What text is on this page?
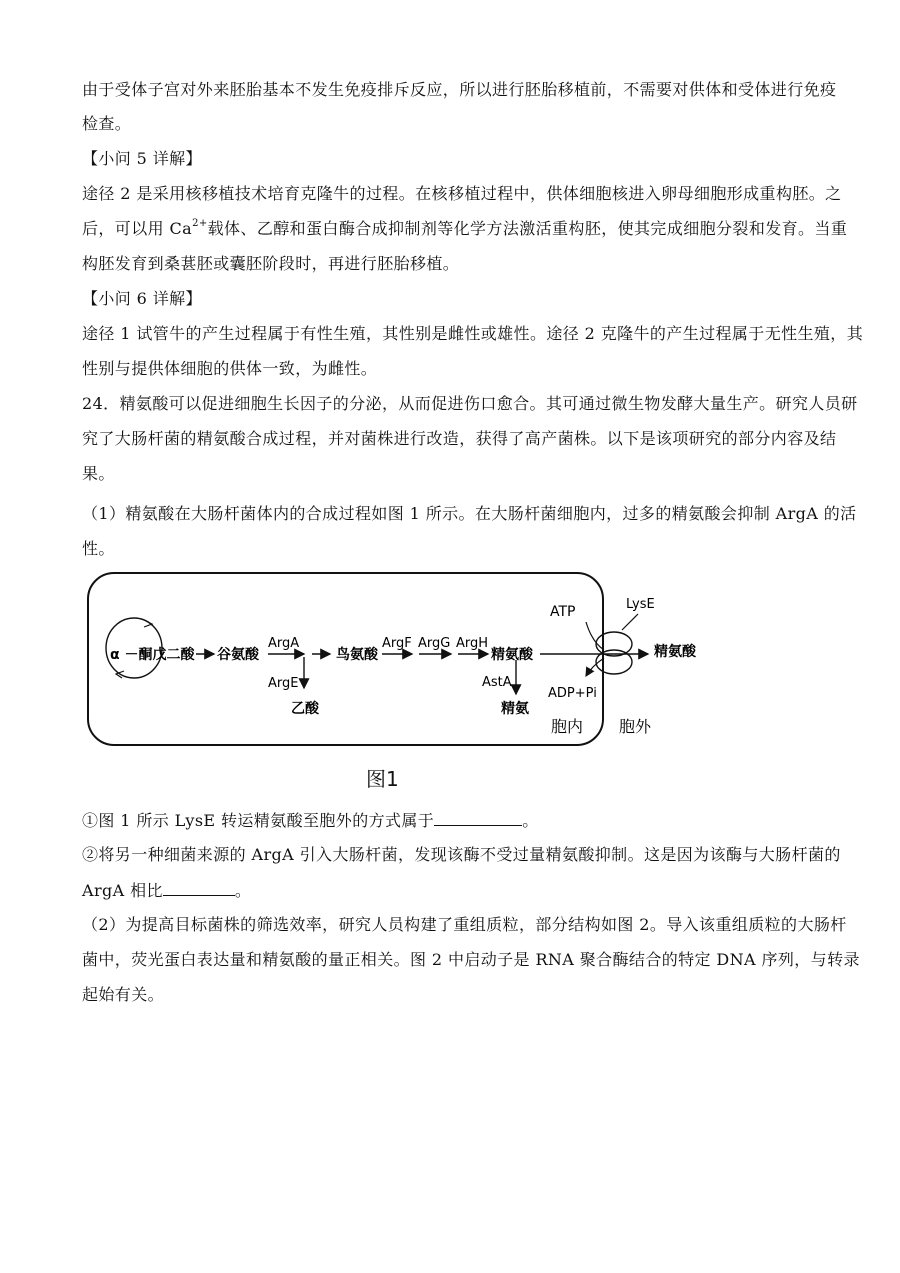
由于受体子宫对外来胚胎基本不发生免疫排斥反应，所以进行胚胎移植前，不需要对供体和受体进行免疫
检查。
【小问 5 详解】
途径 2 是采用核移植技术培育克隆牛的过程。在核移植过程中，供体细胞核进入卵母细胞形成重构胚。之
后，可以用 $Ca^{2+}$载体、乙醇和蛋白酶合成抑制剂等化学方法激活重构胚，使其完成细胞分裂和发育。当重
构胚发育到桑葚胚或囊胚阶段时，再进行胚胎移植。
【小问 6 详解】
途径 1 试管牛的产生过程属于有性生殖，其性别是雌性或雄性。途径 2 克隆牛的产生过程属于无性生殖，其
性别与提供体细胞的供体一致，为雌性。
24．精氨酸可以促进细胞生长因子的分泌，从而促进伤口愈合。其可通过微生物发酵大量生产。研究人员研
究了大肠杆菌的精氨酸合成过程，并对菌株进行改造，获得了高产菌株。以下是该项研究的部分内容及结
果。
（1）精氨酸在大肠杆菌体内的合成过程如图 1 所示。在大肠杆菌细胞内，过多的精氨酸会抑制 ArgA 的活
性。
①图 1 所示 LysE 转运精氨酸至胞外的方式属于	。
②将另一种细菌来源的 ArgA 引入大肠杆菌，发现该酶不受过量精氨酸抑制。这是因为该酶与大肠杆菌的
ArgA 相比	。
（2）为提高目标菌株的筛选效率，研究人员构建了重组质粒，部分结构如图 2。导入该重组质粒的大肠杆
菌中，荧光蛋白表达量和精氨酸的量正相关。图 2 中启动子是 RNA 聚合酶结合的特定 DNA 序列，与转录
起始有关。
α －酮戊二酸 谷氨酸
ArgA
ArgE
乙酸
鸟氨酸
ArgF ArgG ArgH
精氨酸
AstA
精氨
ATP	LysE
ADP+Pi
精氨酸
胞内 胞外
图1
